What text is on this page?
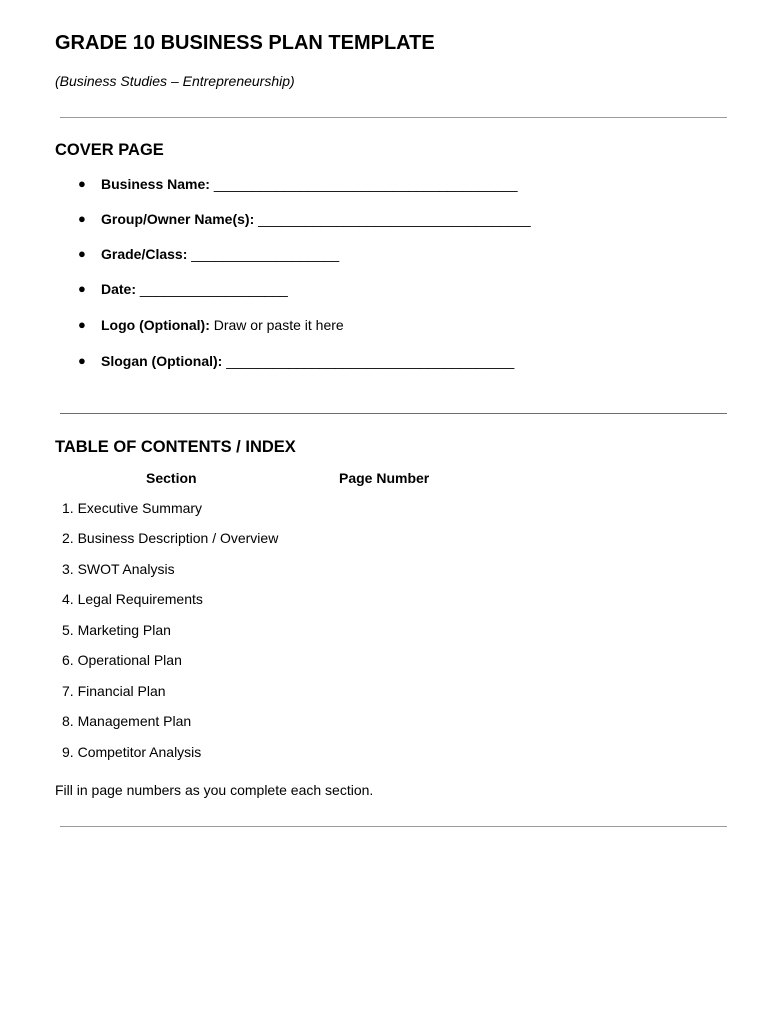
GRADE 10 BUSINESS PLAN TEMPLATE
(Business Studies – Entrepreneurship)
COVER PAGE
● Business Name: _______________________________________
● Group/Owner Name(s): ___________________________________
● Grade/Class: ___________________
● Date: ___________________
● Logo (Optional): Draw or paste it here
● Slogan (Optional): _____________________________________
TABLE OF CONTENTS / INDEX
Section	Page Number
1. Executive Summary
2. Business Description / Overview
3. SWOT Analysis
4. Legal Requirements
5. Marketing Plan
6. Operational Plan
7. Financial Plan
8. Management Plan
9. Competitor Analysis
Fill in page numbers as you complete each section.
